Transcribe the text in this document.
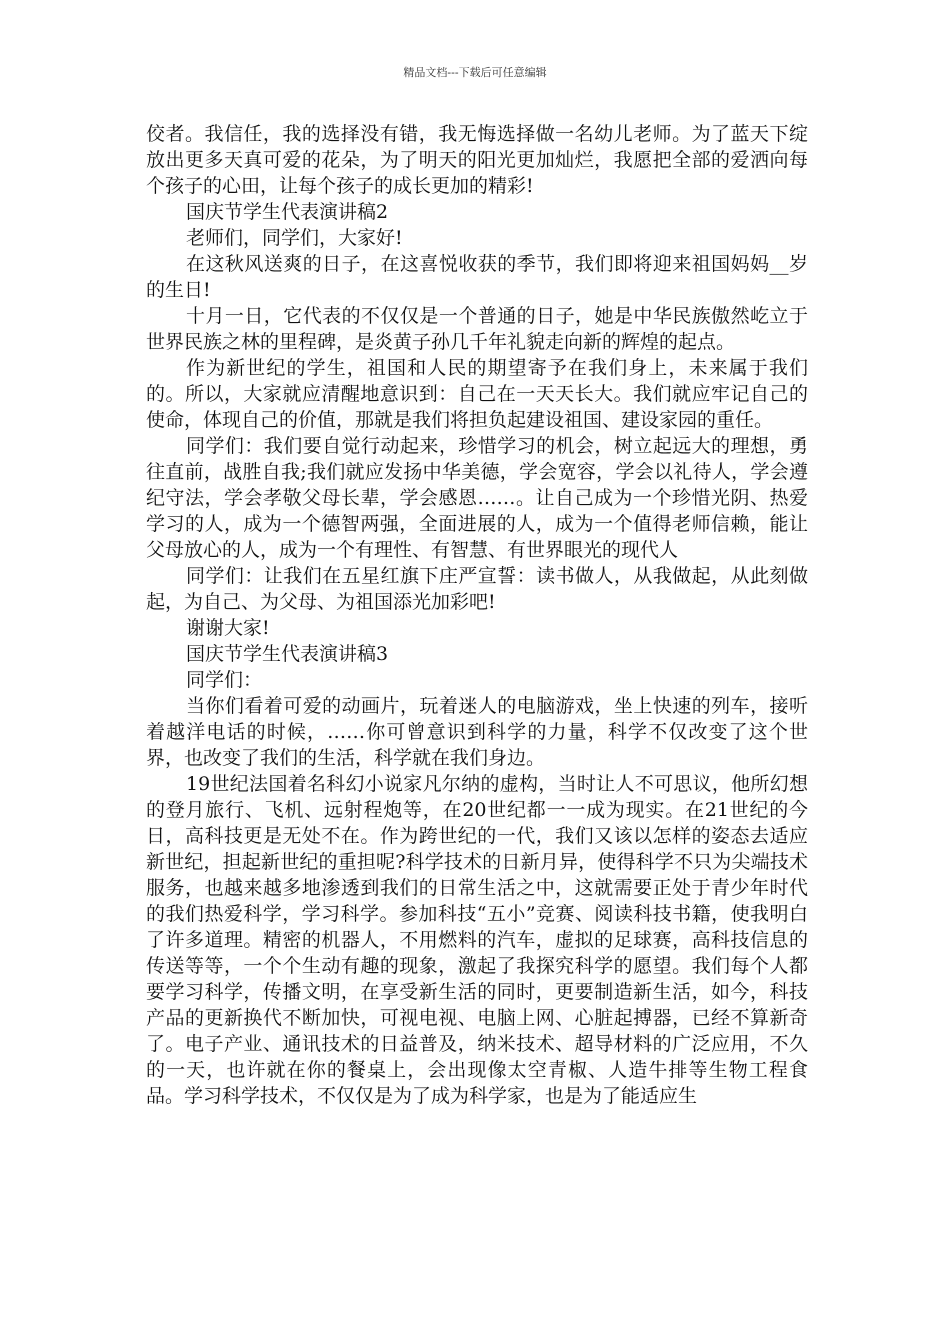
精品文档---下载后可任意编辑

佼者。我信任，我的选择没有错，我无悔选择做一名幼儿老师。为了蓝天下绽放出更多天真可爱的花朵，为了明天的阳光更加灿烂，我愿把全部的爱洒向每个孩子的心田，让每个孩子的成长更加的精彩!

国庆节学生代表演讲稿2

老师们，同学们，大家好!

在这秋风送爽的日子，在这喜悦收获的季节，我们即将迎来祖国妈妈__岁的生日!

十月一日，它代表的不仅仅是一个普通的日子，她是中华民族傲然屹立于世界民族之林的里程碑，是炎黄子孙几千年礼貌走向新的辉煌的起点。

作为新世纪的学生，祖国和人民的期望寄予在我们身上，未来属于我们的。所以，大家就应清醒地意识到：自己在一天天长大。我们就应牢记自己的使命，体现自己的价值，那就是我们将担负起建设祖国、建设家园的重任。

同学们：我们要自觉行动起来，珍惜学习的机会，树立起远大的理想，勇往直前，战胜自我;我们就应发扬中华美德，学会宽容，学会以礼待人，学会遵纪守法，学会孝敬父母长辈，学会感恩……。让自己成为一个珍惜光阴、热爱学习的人，成为一个德智两强，全面进展的人，成为一个值得老师信赖，能让父母放心的人，成为一个有理性、有智慧、有世界眼光的现代人

同学们：让我们在五星红旗下庄严宣誓：读书做人，从我做起，从此刻做起，为自己、为父母、为祖国添光加彩吧!

谢谢大家!

国庆节学生代表演讲稿3

同学们：

当你们看着可爱的动画片，玩着迷人的电脑游戏，坐上快速的列车，接听着越洋电话的时候，……你可曾意识到科学的力量，科学不仅改变了这个世界，也改变了我们的生活，科学就在我们身边。

19世纪法国着名科幻小说家凡尔纳的虚构，当时让人不可思议，他所幻想的登月旅行、飞机、远射程炮等，在20世纪都一一成为现实。在21世纪的今日，高科技更是无处不在。作为跨世纪的一代，我们又该以怎样的姿态去适应新世纪，担起新世纪的重担呢?科学技术的日新月异，使得科学不只为尖端技术服务，也越来越多地渗透到我们的日常生活之中，这就需要正处于青少年时代的我们热爱科学，学习科学。参加科技“五小”竞赛、阅读科技书籍，使我明白了许多道理。精密的机器人，不用燃料的汽车，虚拟的足球赛，高科技信息的传送等等，一个个生动有趣的现象，激起了我探究科学的愿望。我们每个人都要学习科学，传播文明，在享受新生活的同时，更要制造新生活，如今，科技产品的更新换代不断加快，可视电视、电脑上网、心脏起搏器，已经不算新奇了。电子产业、通讯技术的日益普及，纳米技术、超导材料的广泛应用，不久的一天，也许就在你的餐桌上，会出现像太空青椒、人造牛排等生物工程食品。学习科学技术，不仅仅是为了成为科学家，也是为了能适应生
